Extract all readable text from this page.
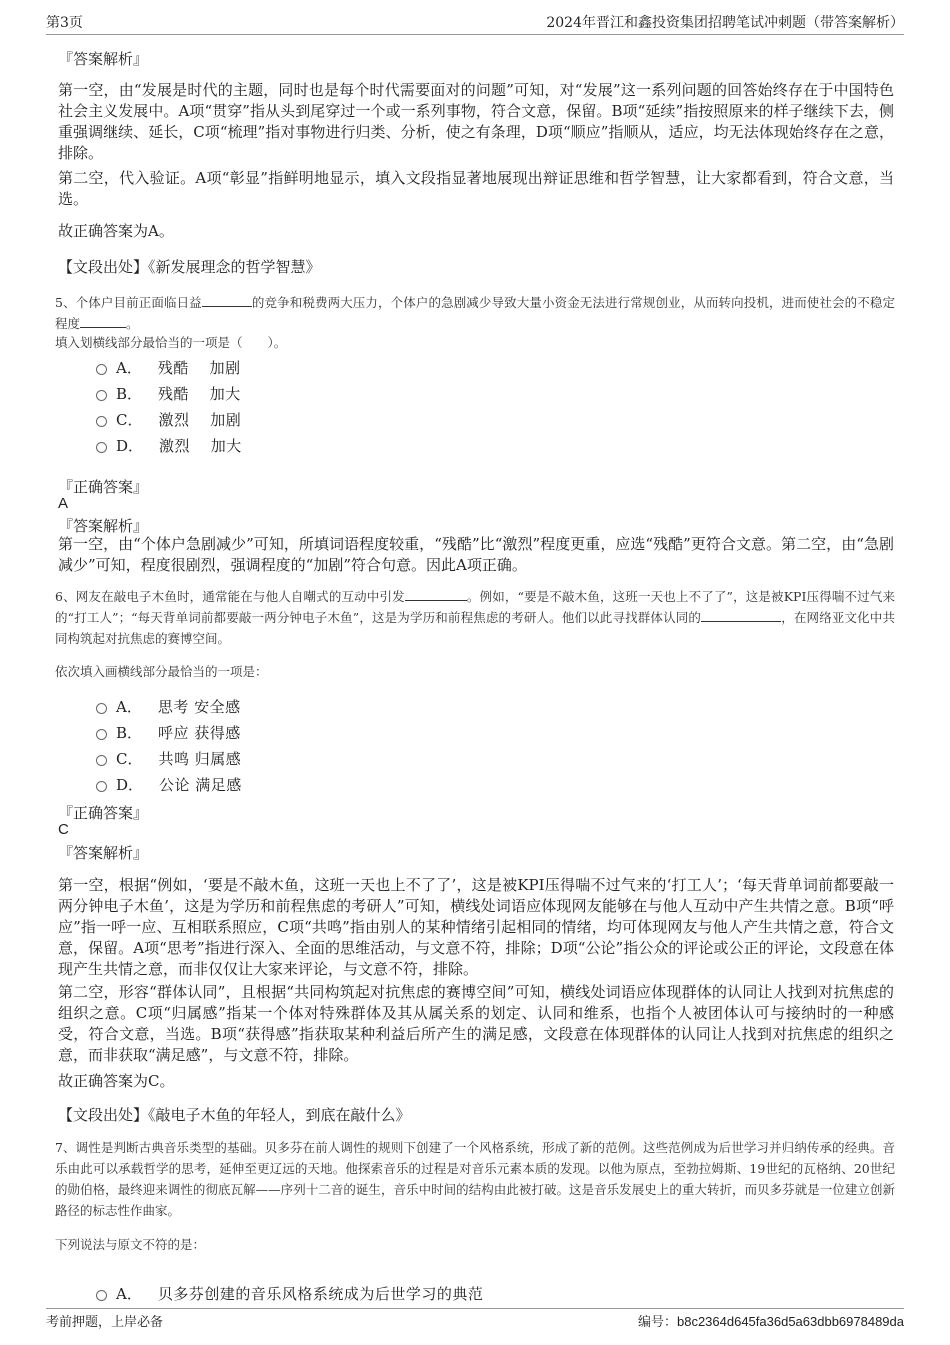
第3页	2024年晋江和鑫投资集团招聘笔试冲刺题（带答案解析）
『答案解析』

第一空，由“发展是时代的主题，同时也是每个时代需要面对的问题”可知，对“发展”这一系列问题的回答始终存在于中国特色社会主义发展中。A项“贯穿”指从头到尾穿过一个或一系列事物，符合文意，保留。B项“延续”指按照原来的样子继续下去，侧重强调继续、延长，C项“梳理”指对事物进行归类、分析，使之有条理，D项“顺应”指顺从，适应，均无法体现始终存在之意，排除。

第二空，代入验证。A项“彰显”指鲜明地显示，填入文段指显著地展现出辩证思维和哲学智慧，让大家都看到，符合文意，当选。

故正确答案为A。
【文段出处】《新发展理念的哲学智慧》

5、个体户目前正面临日益	的竞争和税费两大压力，个体户的急剧减少导致大量小资金无法进行常规创业，从而转向投机，进而使社会的不稳定程度	。

填入划横线部分最恰当的一项是（　　）。
A． 残酷　 加剧
B． 残酷　 加大
C． 激烈　 加剧
D． 激烈　 加大
『正确答案』
A
『答案解析』

第一空，由“个体户急剧减少”可知，所填词语程度较重，“残酷”比“激烈”程度更重，应选“残酷”更符合文意。第二空，由“急剧减少”可知，程度很剧烈，强调程度的“加剧”符合句意。因此A项正确。

6、网友在敲电子木鱼时，通常能在与他人自嘲式的互动中引发	。例如，“要是不敲木鱼，这班一天也上不了了”，这是被KPI压得喘不过气来的“打工人”；“每天背单词前都要敲一两分钟电子木鱼”，这是为学历和前程焦虑的考研人。他们以此寻找群体认同的	，在网络亚文化中共同构筑起对抗焦虑的赛博空间。

依次填入画横线部分最恰当的一项是：
A． 思考 安全感
B． 呼应 获得感
C． 共鸣 归属感
D． 公论 满足感
『正确答案』
C
『答案解析』

第一空，根据“例如，‘要是不敲木鱼，这班一天也上不了了’，这是被KPI压得喘不过气来的‘打工人’；‘每天背单词前都要敲一两分钟电子木鱼’，这是为学历和前程焦虑的考研人”可知，横线处词语应体现网友能够在与他人互动中产生共情之意。B项“呼应”指一呼一应、互相联系照应，C项“共鸣”指由别人的某种情绪引起相同的情绪，均可体现网友与他人产生共情之意，符合文意，保留。A项“思考”指进行深入、全面的思维活动，与文意不符，排除；D项“公论”指公众的评论或公正的评论，文段意在体现产生共情之意，而非仅仅让大家来评论，与文意不符，排除。

第二空，形容“群体认同”，且根据“共同构筑起对抗焦虑的赛博空间”可知，横线处词语应体现群体的认同让人找到对抗焦虑的组织之意。C项“归属感”指某一个体对特殊群体及其从属关系的划定、认同和维系，也指个人被团体认可与接纳时的一种感受，符合文意，当选。B项“获得感”指获取某种利益后所产生的满足感，文段意在体现群体的认同让人找到对抗焦虑的组织之意，而非获取“满足感”，与文意不符，排除。

故正确答案为C。
【文段出处】《敲电子木鱼的年轻人，到底在敲什么》

7、调性是判断古典音乐类型的基础。贝多芬在前人调性的规则下创建了一个风格系统，形成了新的范例。这些范例成为后世学习并归纳传承的经典。音乐由此可以承载哲学的思考，延伸至更辽远的天地。他探索音乐的过程是对音乐元素本质的发现。以他为原点，至勃拉姆斯、19世纪的瓦格纳、20世纪的勋伯格，最终迎来调性的彻底瓦解——序列十二音的诞生，音乐中时间的结构由此被打破。这是音乐发展史上的重大转折，而贝多芬就是一位建立创新路径的标志性作曲家。

下列说法与原文不符的是：
A． 贝多芬创建的音乐风格系统成为后世学习的典范
考前押题，上岸必备	编号：b8c2364d645fa36d5a63dbb6978489da
